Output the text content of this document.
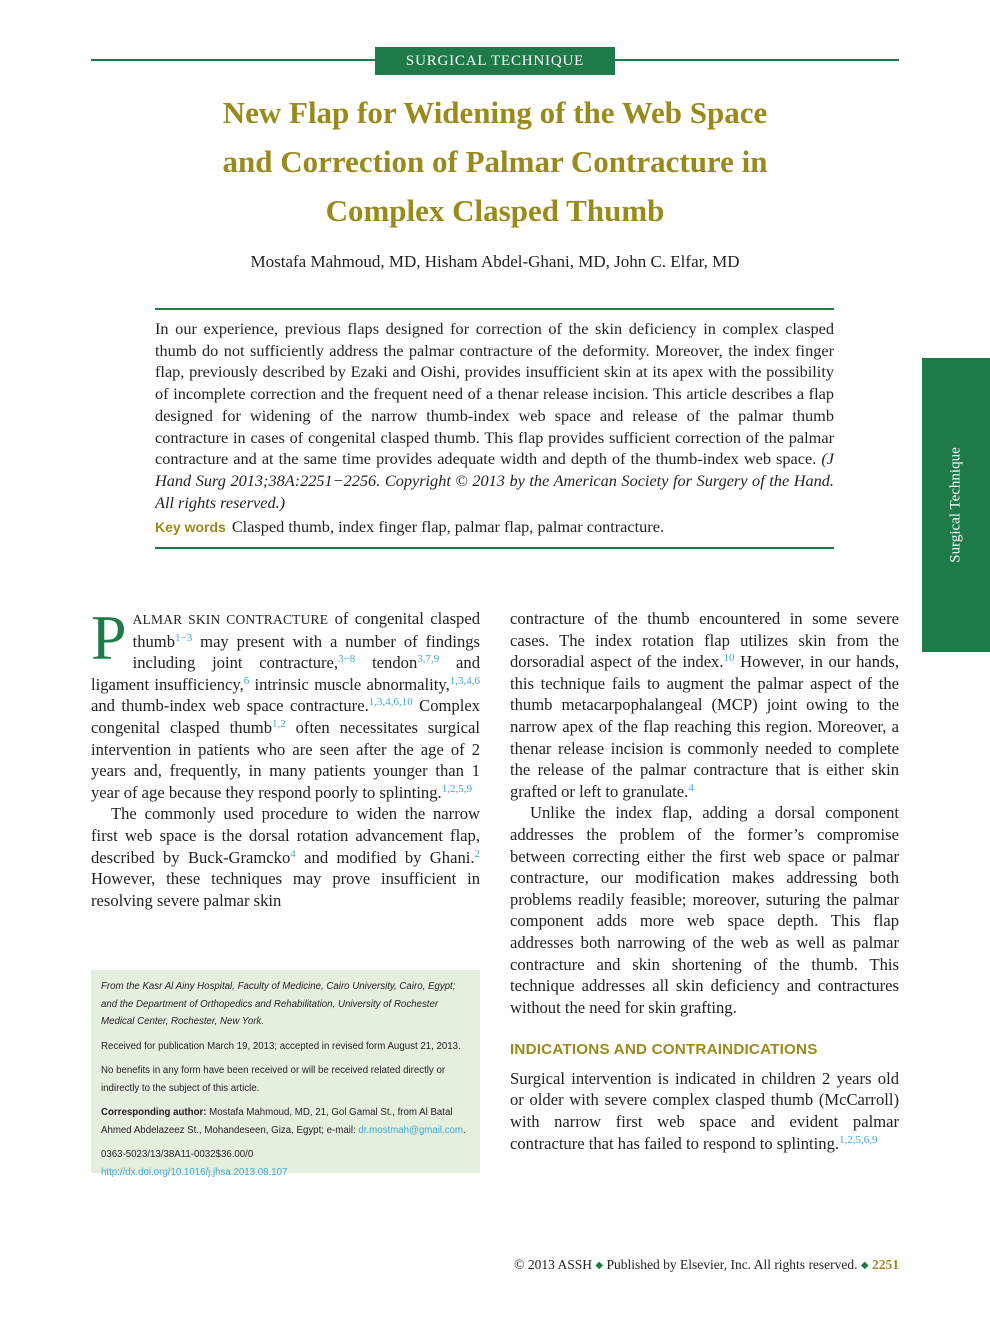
SURGICAL TECHNIQUE
New Flap for Widening of the Web Space
and Correction of Palmar Contracture in
Complex Clasped Thumb
Mostafa Mahmoud, MD, Hisham Abdel-Ghani, MD, John C. Elfar, MD
In our experience, previous flaps designed for correction of the skin deficiency in complex clasped thumb do not sufficiently address the palmar contracture of the deformity. Moreover, the index finger flap, previously described by Ezaki and Oishi, provides insufficient skin at its apex with the possibility of incomplete correction and the frequent need of a thenar release incision. This article describes a flap designed for widening of the narrow thumb-index web space and release of the palmar thumb contracture in cases of congenital clasped thumb. This flap provides sufficient correction of the palmar contracture and at the same time provides adequate width and depth of the thumb-index web space. (J Hand Surg 2013;38A:2251−2256. Copyright © 2013 by the American Society for Surgery of the Hand. All rights reserved.)
Key words Clasped thumb, index finger flap, palmar flap, palmar contracture.	Surgical Technique

PALMAR SKIN CONTRACTURE of congenital clasped thumb$^{1-3}$ may present with a number of findings including joint contracture,$^{3-8}$ tendon$^{3,7,9}$ and ligament insufficiency,$^6$ intrinsic muscle abnormality,$^{1,3,4,6}$ and thumb-index web space contracture.$^{1,3,4,6,10}$ Complex congenital clasped thumb$^{1,2}$ often necessitates surgical intervention in patients who are seen after the age of 2 years and, frequently, in many patients younger than 1 year of age because they respond poorly to splinting.$^{1,2,5,9}$

The commonly used procedure to widen the narrow first web space is the dorsal rotation advancement flap, described by Buck-Gramcko$^4$ and modified by Ghani.$^2$ However, these techniques may prove insufficient in resolving severe palmar skin

From the Kasr Al Ainy Hospital, Faculty of Medicine, Cairo University, Cairo, Egypt; and the Department of Orthopedics and Rehabilitation, University of Rochester Medical Center, Rochester, New York.

Received for publication March 19, 2013; accepted in revised form August 21, 2013.

No benefits in any form have been received or will be received related directly or indirectly to the subject of this article.

Corresponding author: Mostafa Mahmoud, MD, 21, Gol Gamal St., from Al Batal Ahmed Abdelazeez St., Mohandeseen, Giza, Egypt; e-mail: dr.mostmah@gmail.com.

0363-5023/13/38A11-0032$36.00/0

http://dx.doi.org/10.1016/j.jhsa.2013.08.107

contracture of the thumb encountered in some severe cases. The index rotation flap utilizes skin from the dorsoradial aspect of the index.$^{10}$ However, in our hands, this technique fails to augment the palmar aspect of the thumb metacarpophalangeal (MCP) joint owing to the narrow apex of the flap reaching this region. Moreover, a thenar release incision is commonly needed to complete the release of the palmar contracture that is either skin grafted or left to granulate.$^4$

Unlike the index flap, adding a dorsal component addresses the problem of the former’s compromise between correcting either the first web space or palmar contracture, our modification makes addressing both problems readily feasible; moreover, suturing the palmar component adds more web space depth. This flap addresses both narrowing of the web as well as palmar contracture and skin shortening of the thumb. This technique addresses all skin deficiency and contractures without the need for skin grafting.

INDICATIONS AND CONTRAINDICATIONS

Surgical intervention is indicated in children 2 years old or older with severe complex clasped thumb (McCarroll) with narrow first web space and evident palmar contracture that has failed to respond to splinting.$^{1,2,5,6,9}$

© 2013 ASSH ◆ Published by Elsevier, Inc. All rights reserved. ◆ 2251
